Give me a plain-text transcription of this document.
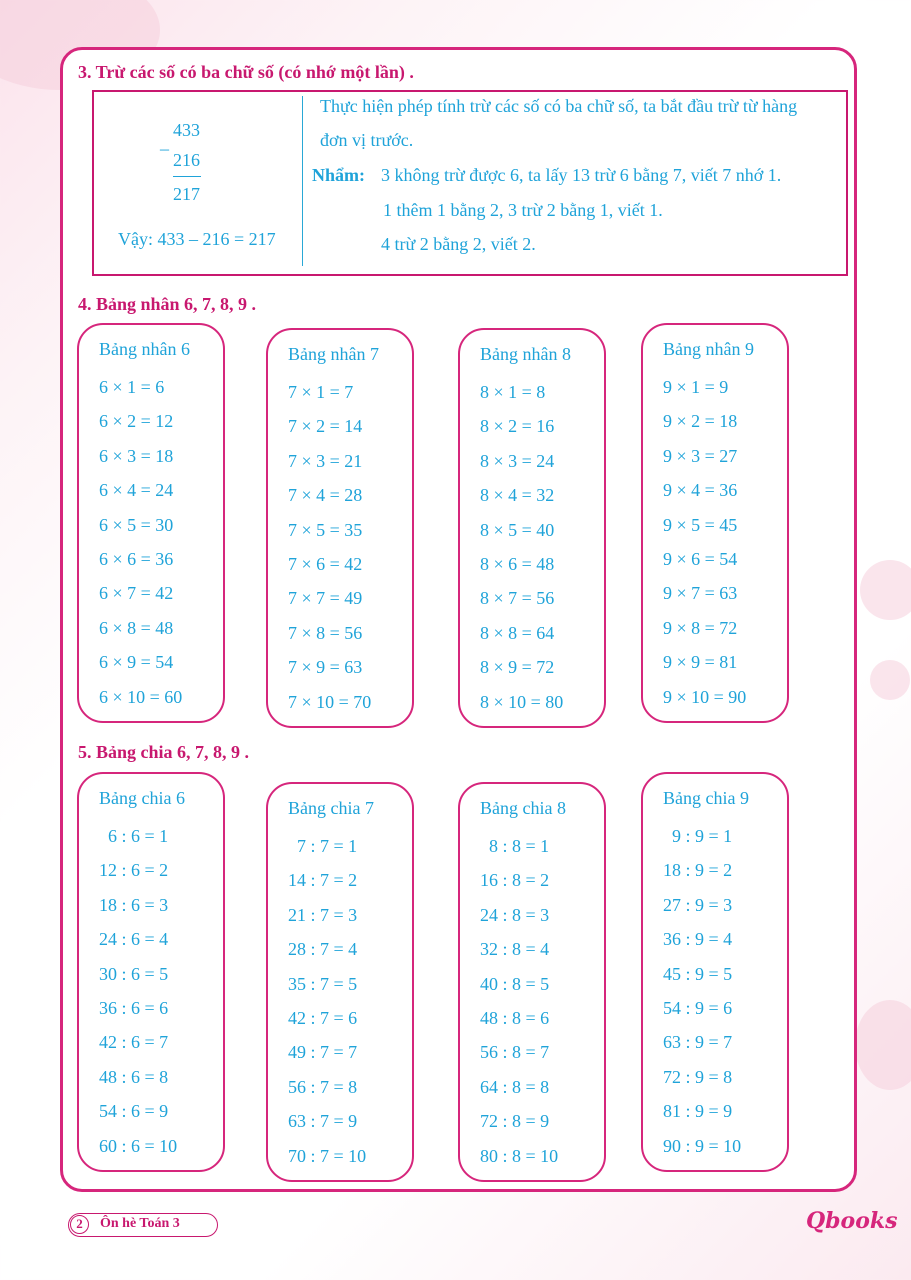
3. Trừ các số có ba chữ số (có nhớ một lần) .
_
433
216
217
Vậy: 433 – 216 = 217
Thực hiện phép tính trừ các số có ba chữ số, ta bắt đầu trừ từ hàng
đơn vị trước.
Nhẩm: 3 không trừ được 6, ta lấy 13 trừ 6 bằng 7, viết 7 nhớ 1.
1 thêm 1 bằng 2, 3 trừ 2 bằng 1, viết 1.
4 trừ 2 bằng 2, viết 2.
4. Bảng nhân 6, 7, 8, 9 .
Bảng nhân 6
6 × 1 = 6
6 × 2 = 12
6 × 3 = 18
6 × 4 = 24
6 × 5 = 30
6 × 6 = 36
6 × 7 = 42
6 × 8 = 48
6 × 9 = 54
6 × 10 = 60
Bảng nhân 7
7 × 1 = 7
7 × 2 = 14
7 × 3 = 21
7 × 4 = 28
7 × 5 = 35
7 × 6 = 42
7 × 7 = 49
7 × 8 = 56
7 × 9 = 63
7 × 10 = 70
Bảng nhân 8
8 × 1 = 8
8 × 2 = 16
8 × 3 = 24
8 × 4 = 32
8 × 5 = 40
8 × 6 = 48
8 × 7 = 56
8 × 8 = 64
8 × 9 = 72
8 × 10 = 80
Bảng nhân 9
9 × 1 = 9
9 × 2 = 18
9 × 3 = 27
9 × 4 = 36
9 × 5 = 45
9 × 6 = 54
9 × 7 = 63
9 × 8 = 72
9 × 9 = 81
9 × 10 = 90
5. Bảng chia 6, 7, 8, 9 .
Bảng chia 6
6 : 6 = 1
12 : 6 = 2
18 : 6 = 3
24 : 6 = 4
30 : 6 = 5
36 : 6 = 6
42 : 6 = 7
48 : 6 = 8
54 : 6 = 9
60 : 6 = 10
Bảng chia 7
7 : 7 = 1
14 : 7 = 2
21 : 7 = 3
28 : 7 = 4
35 : 7 = 5
42 : 7 = 6
49 : 7 = 7
56 : 7 = 8
63 : 7 = 9
70 : 7 = 10
Bảng chia 8
8 : 8 = 1
16 : 8 = 2
24 : 8 = 3
32 : 8 = 4
40 : 8 = 5
48 : 8 = 6
56 : 8 = 7
64 : 8 = 8
72 : 8 = 9
80 : 8 = 10
Bảng chia 9
9 : 9 = 1
18 : 9 = 2
27 : 9 = 3
36 : 9 = 4
45 : 9 = 5
54 : 9 = 6
63 : 9 = 7
72 : 9 = 8
81 : 9 = 9
90 : 9 = 10
2	Ôn hè Toán 3	Qbooks
